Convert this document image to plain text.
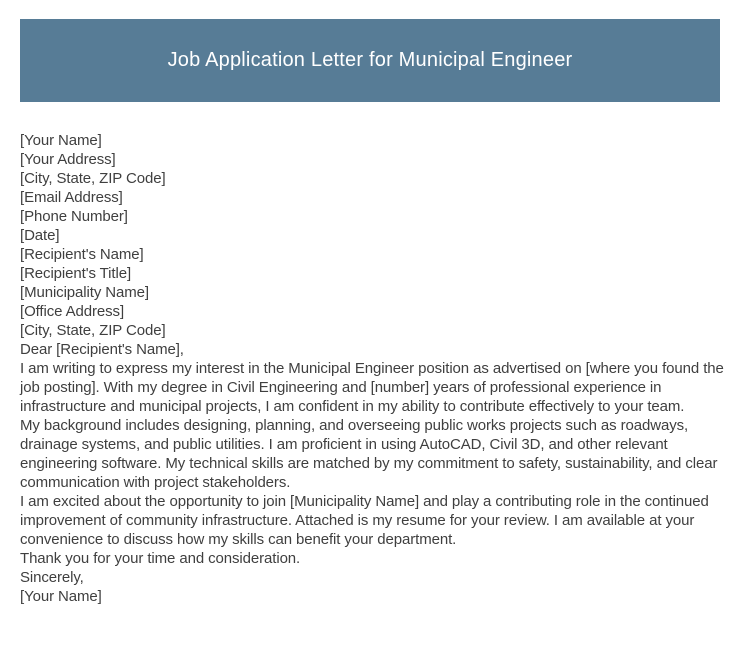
Job Application Letter for Municipal Engineer
[Your Name]
[Your Address]
[City, State, ZIP Code]
[Email Address]
[Phone Number]
[Date]
[Recipient's Name]
[Recipient's Title]
[Municipality Name]
[Office Address]
[City, State, ZIP Code]

Dear [Recipient's Name],

I am writing to express my interest in the Municipal Engineer position as advertised on [where you found the job posting]. With my degree in Civil Engineering and [number] years of professional experience in infrastructure and municipal projects, I am confident in my ability to contribute effectively to your team.

My background includes designing, planning, and overseeing public works projects such as roadways, drainage systems, and public utilities. I am proficient in using AutoCAD, Civil 3D, and other relevant engineering software. My technical skills are matched by my commitment to safety, sustainability, and clear communication with project stakeholders.

I am excited about the opportunity to join [Municipality Name] and play a contributing role in the continued improvement of community infrastructure. Attached is my resume for your review. I am available at your convenience to discuss how my skills can benefit your department.

Thank you for your time and consideration.

Sincerely,

[Your Name]
